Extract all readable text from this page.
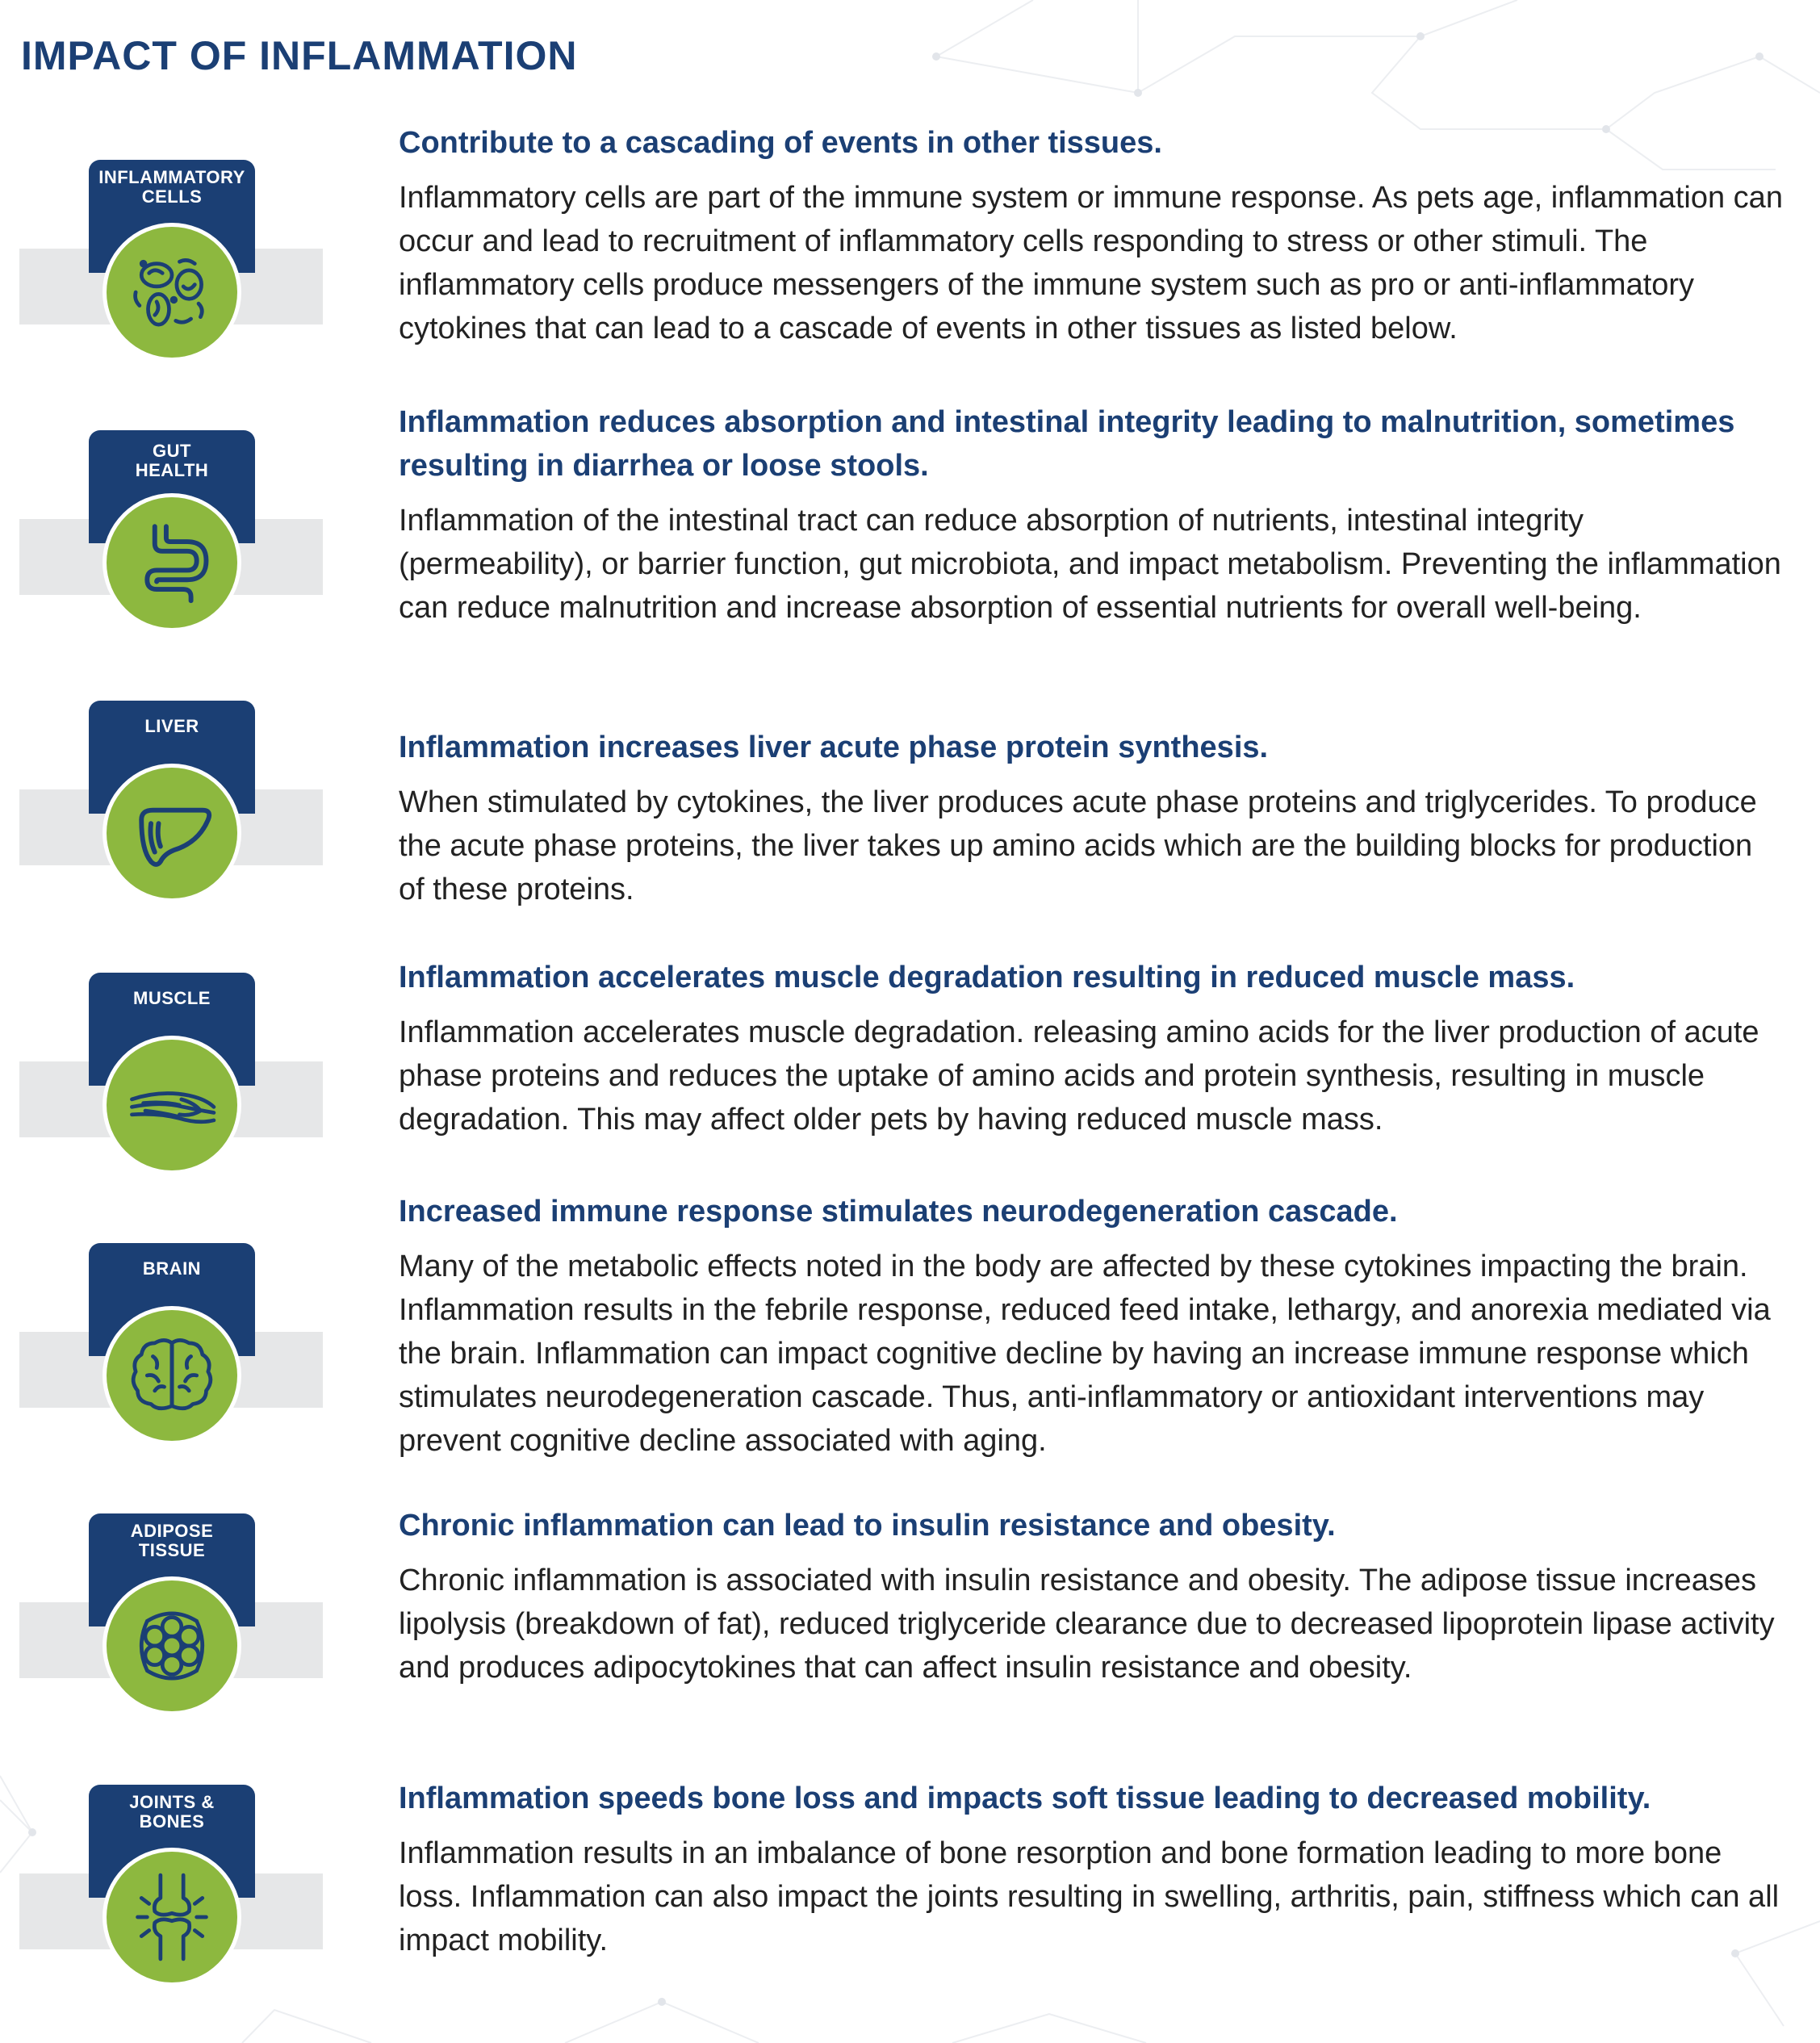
IMPACT OF INFLAMMATION
INFLAMMATORY
CELLS
Contribute to a cascading of events in other tissues.

Inflammatory cells are part of the immune system or immune response. As pets age, inflammation can occur and lead to recruitment of inflammatory cells responding to stress or other stimuli. The inflammatory cells produce messengers of the immune system such as pro or anti-inflammatory cytokines that can lead to a cascade of events in other tissues as listed below.

GUT
HEALTH
Inflammation reduces absorption and intestinal integrity leading to malnutrition, sometimes resulting in diarrhea or loose stools.

Inflammation of the intestinal tract can reduce absorption of nutrients, intestinal integrity (permeability), or barrier function, gut microbiota, and impact metabolism. Preventing the inflammation can reduce malnutrition and increase absorption of essential nutrients for overall well-being.

LIVER
Inflammation increases liver acute phase protein synthesis.

When stimulated by cytokines, the liver produces acute phase proteins and triglycerides. To produce the acute phase proteins, the liver takes up amino acids which are the building blocks for production of these proteins.

MUSCLE
Inflammation accelerates muscle degradation resulting in reduced muscle mass.

Inflammation accelerates muscle degradation. releasing amino acids for the liver production of acute phase proteins and reduces the uptake of amino acids and protein synthesis, resulting in muscle degradation. This may affect older pets by having reduced muscle mass.

BRAIN
Increased immune response stimulates neurodegeneration cascade.

Many of the metabolic effects noted in the body are affected by these cytokines impacting the brain. Inflammation results in the febrile response, reduced feed intake, lethargy, and anorexia mediated via the brain. Inflammation can impact cognitive decline by having an increase immune response which stimulates neurodegeneration cascade. Thus, anti-inflammatory or antioxidant interventions may prevent cognitive decline associated with aging.

ADIPOSE
TISSUE
Chronic inflammation can lead to insulin resistance and obesity.

Chronic inflammation is associated with insulin resistance and obesity. The adipose tissue increases lipolysis (breakdown of fat), reduced triglyceride clearance due to decreased lipoprotein lipase activity and produces adipocytokines that can affect insulin resistance and obesity.

JOINTS &
BONES
Inflammation speeds bone loss and impacts soft tissue leading to decreased mobility.

Inflammation results in an imbalance of bone resorption and bone formation leading to more bone loss. Inflammation can also impact the joints resulting in swelling, arthritis, pain, stiffness which can all impact mobility.
